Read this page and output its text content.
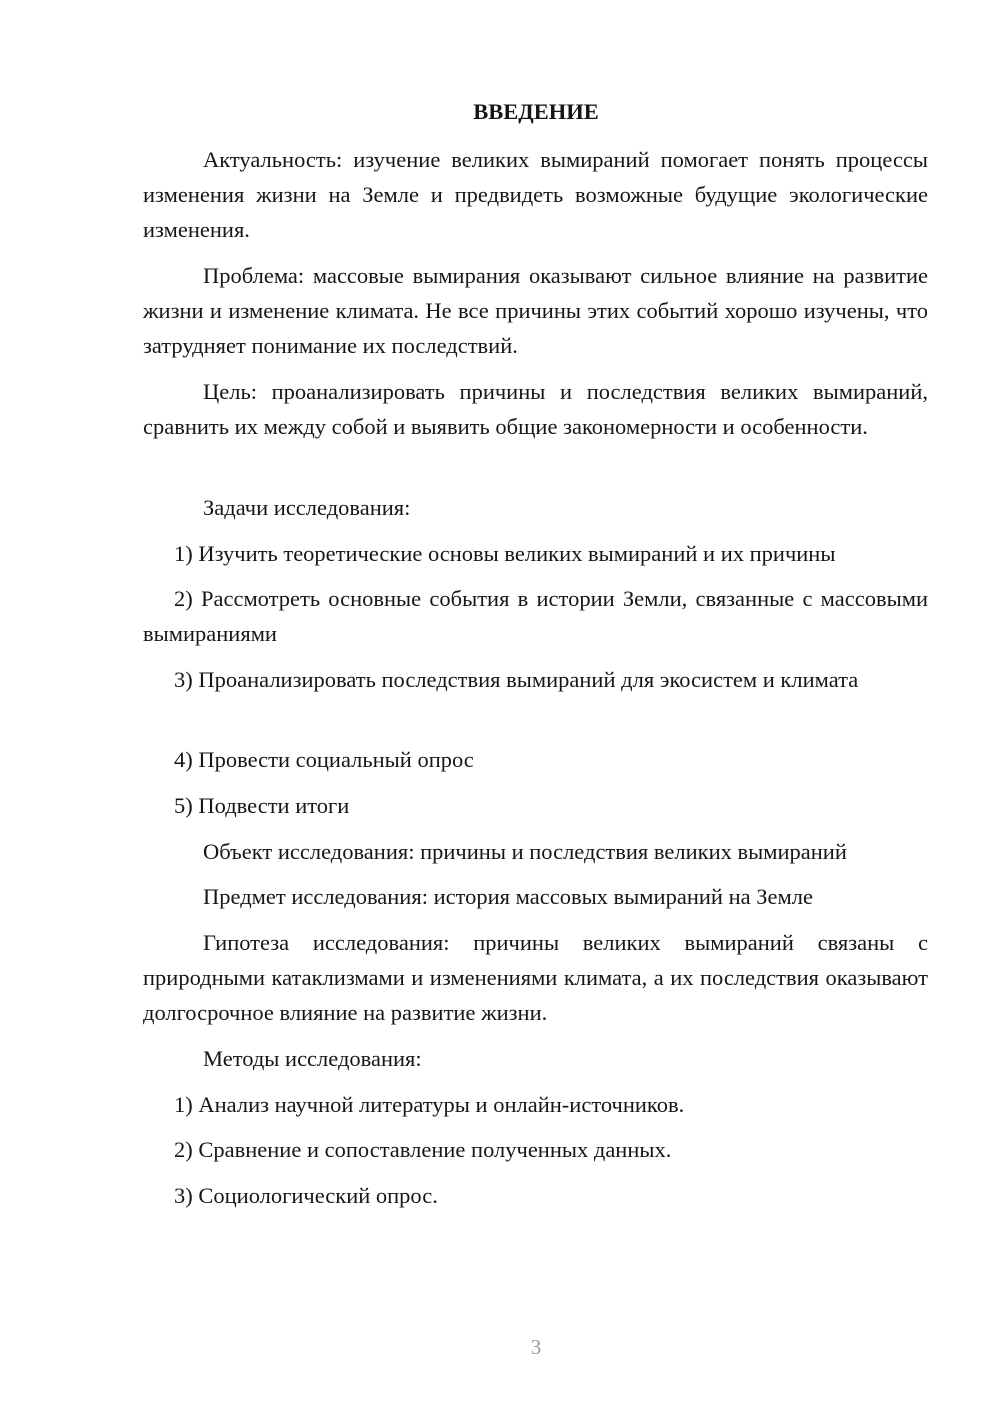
ВВЕДЕНИЕ

Актуальность: изучение великих вымираний помогает понять процессы изменения жизни на Земле и предвидеть возможные будущие экологические изменения.

Проблема: массовые вымирания оказывают сильное влияние на развитие жизни и изменение климата. Не все причины этих событий хорошо изучены, что затрудняет понимание их последствий.

Цель: проанализировать причины и последствия великих вымираний, сравнить их между собой и выявить общие закономерности и особенности.

Задачи исследования:

1) Изучить теоретические основы великих вымираний и их причины

2) Рассмотреть основные события в истории Земли, связанные с массовыми вымираниями

3) Проанализировать последствия вымираний для экосистем и климата

4) Провести социальный опрос

5) Подвести итоги

Объект исследования: причины и последствия великих вымираний

Предмет исследования: история массовых вымираний на Земле

Гипотеза исследования: причины великих вымираний связаны с природными катаклизмами и изменениями климата, а их последствия оказывают долгосрочное влияние на развитие жизни.

Методы исследования:

1) Анализ научной литературы и онлайн-источников.

2) Сравнение и сопоставление полученных данных.

3) Социологический опрос.

3
